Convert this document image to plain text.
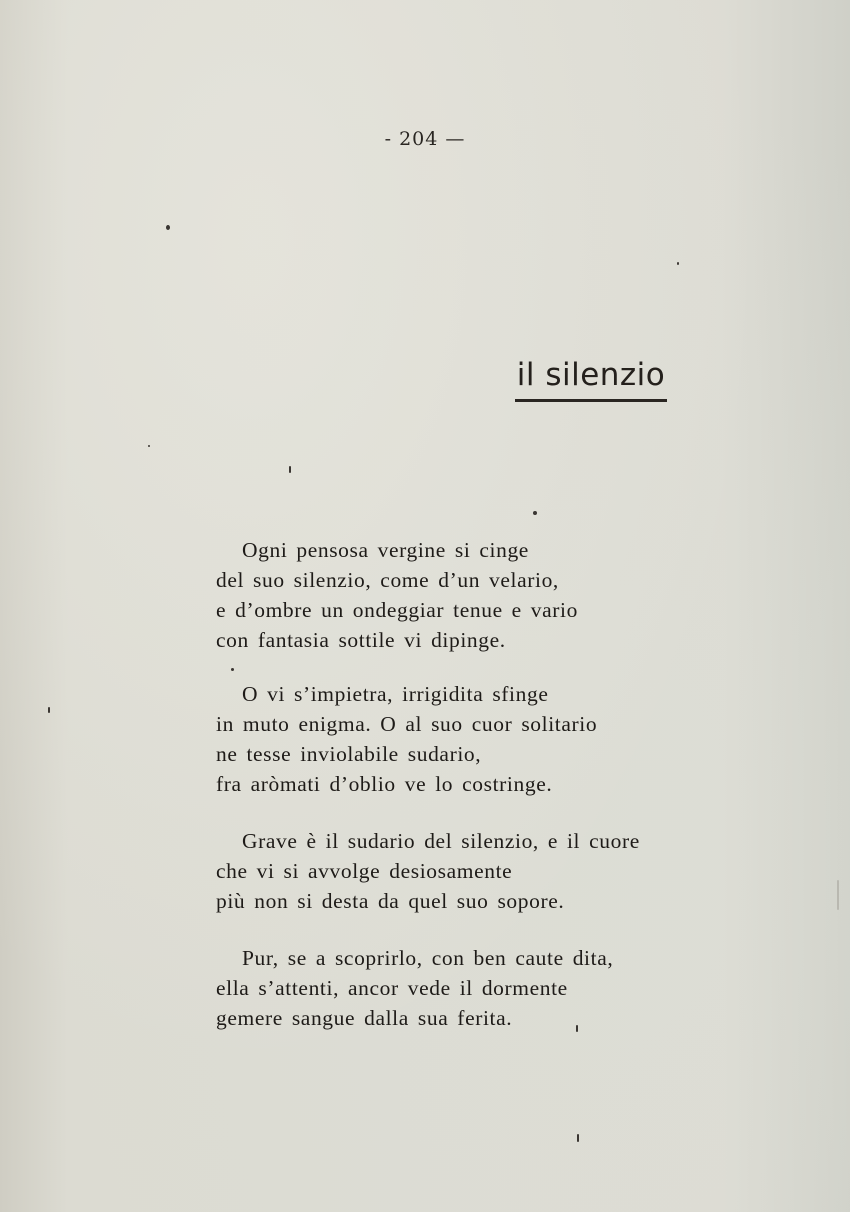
- 204 —
il silenzio
Ogni pensosa vergine si cinge
del suo silenzio, come d’un velario,
e d’ombre un ondeggiar tenue e vario
con fantasia sottile vi dipinge.
O vi s’impietra, irrigidita sfinge
in muto enigma. O al suo cuor solitario
ne tesse inviolabile sudario,
fra aròmati d’oblio ve lo costringe.
Grave è il sudario del silenzio, e il cuore
che vi si avvolge desiosamente
più non si desta da quel suo sopore.
Pur, se a scoprirlo, con ben caute dita,
ella s’attenti, ancor vede il dormente
gemere sangue dalla sua ferita.
